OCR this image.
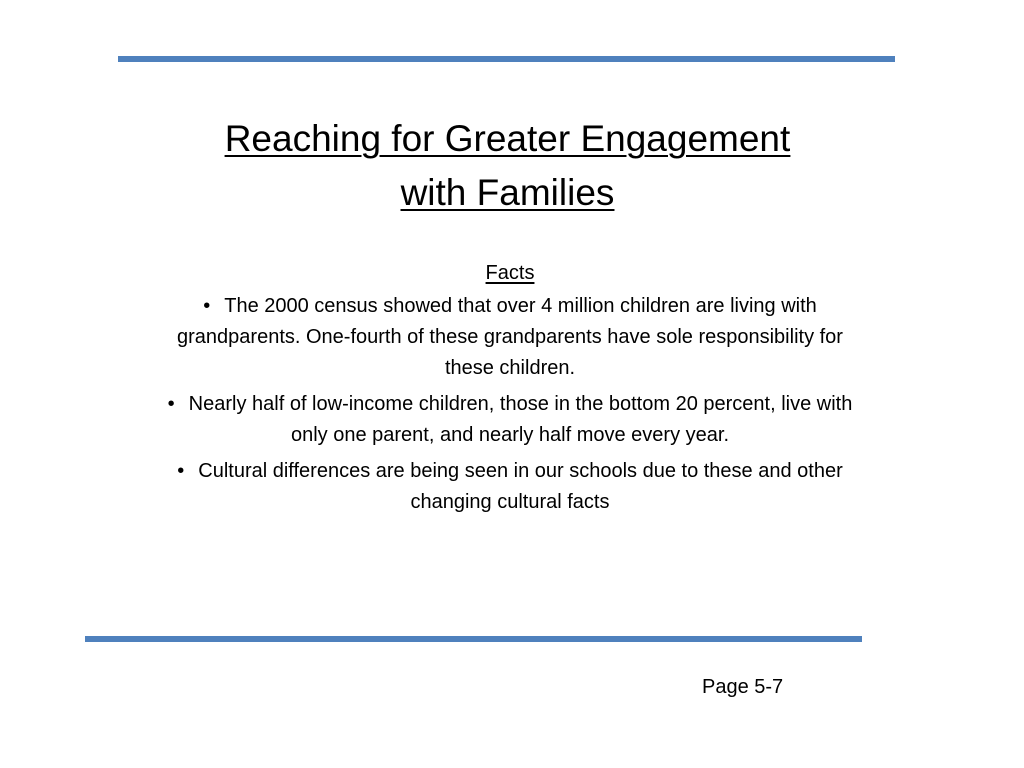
Reaching for Greater Engagement
with Families

Facts

• The 2000 census showed that over 4 million children are living with grandparents. One-fourth of these grandparents have sole responsibility for these children.
• Nearly half of low-income children, those in the bottom 20 percent, live with only one parent, and nearly half move every year.
• Cultural differences are being seen in our schools due to these and other changing cultural facts
Page 5-7
